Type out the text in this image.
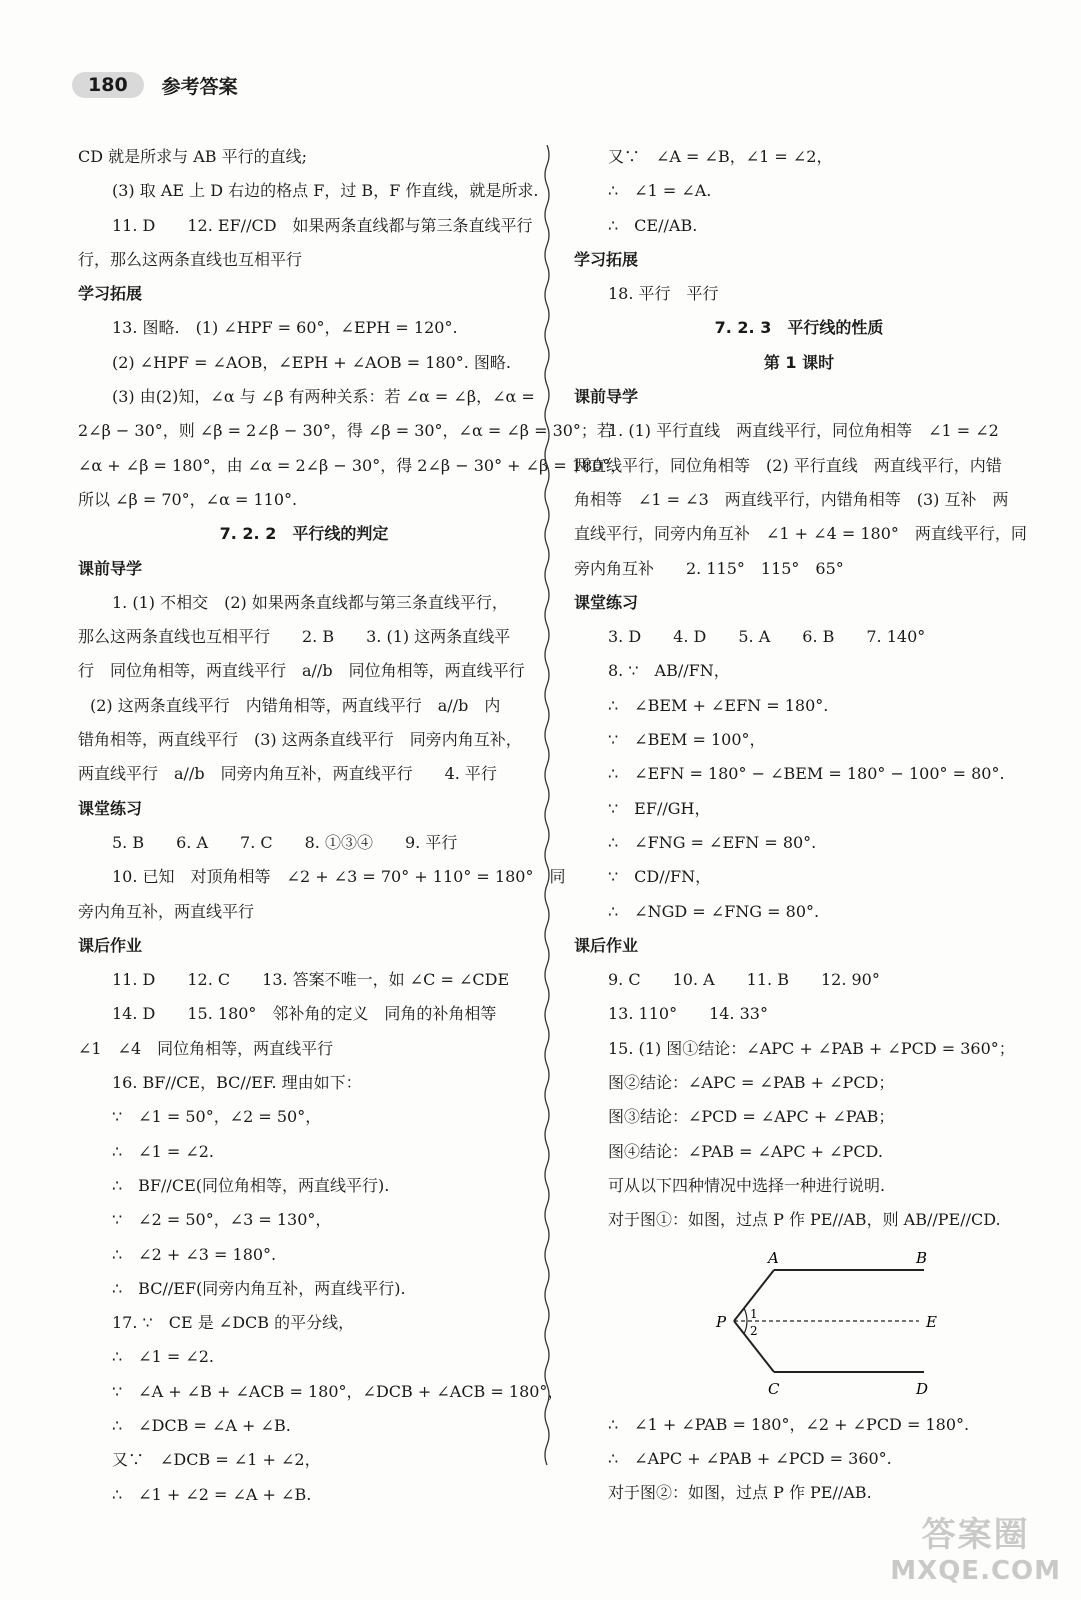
180	参考答案
CD 就是所求与 AB 平行的直线;
(3) 取 AE 上 D 右边的格点 F，过 B，F 作直线，就是所求.
11. D　　12. EF//CD　如果两条直线都与第三条直线平行
行，那么这两条直线也互相平行
学习拓展
13. 图略.　(1) ∠HPF = 60°，∠EPH = 120°.
(2) ∠HPF = ∠AOB，∠EPH + ∠AOB = 180°. 图略.
(3) 由(2)知，∠α 与 ∠β 有两种关系：若 ∠α = ∠β，∠α =
2∠β − 30°，则 ∠β = 2∠β − 30°，得 ∠β = 30°，∠α = ∠β = 30°；若
∠α + ∠β = 180°，由 ∠α = 2∠β − 30°，得 2∠β − 30° + ∠β = 180°，
所以 ∠β = 70°，∠α = 110°.
7. 2. 2　平行线的判定
课前导学
1. (1) 不相交　(2) 如果两条直线都与第三条直线平行，
那么这两条直线也互相平行　　2. B　　3. (1) 这两条直线平
行　同位角相等，两直线平行　a//b　同位角相等，两直线平行
(2) 这两条直线平行　内错角相等，两直线平行　a//b　内
错角相等，两直线平行　(3) 这两条直线平行　同旁内角互补，
两直线平行　a//b　同旁内角互补，两直线平行　　4. 平行
课堂练习
5. B　　6. A　　7. C　　8. ①③④　　9. 平行
10. 已知　对顶角相等　∠2 + ∠3 = 70° + 110° = 180°　同
旁内角互补，两直线平行
课后作业
11. D　　12. C　　13. 答案不唯一，如 ∠C = ∠CDE
14. D　　15. 180°　邻补角的定义　同角的补角相等
∠1　∠4　同位角相等，两直线平行
16. BF//CE，BC//EF. 理由如下：
∵　∠1 = 50°，∠2 = 50°，
∴　∠1 = ∠2.
∴　BF//CE(同位角相等，两直线平行).
∵　∠2 = 50°，∠3 = 130°，
∴　∠2 + ∠3 = 180°.
∴　BC//EF(同旁内角互补，两直线平行).
17. ∵　CE 是 ∠DCB 的平分线，
∴　∠1 = ∠2.
∵　∠A + ∠B + ∠ACB = 180°，∠DCB + ∠ACB = 180°，
∴　∠DCB = ∠A + ∠B.
又∵　∠DCB = ∠1 + ∠2，
∴　∠1 + ∠2 = ∠A + ∠B.
又∵　∠A = ∠B，∠1 = ∠2，
∴　∠1 = ∠A.
∴　CE//AB.
学习拓展
18. 平行　平行
7. 2. 3　平行线的性质
第 1 课时
课前导学
1. (1) 平行直线　两直线平行，同位角相等　∠1 = ∠2
两直线平行，同位角相等　(2) 平行直线　两直线平行，内错
角相等　∠1 = ∠3　两直线平行，内错角相等　(3) 互补　两
直线平行，同旁内角互补　∠1 + ∠4 = 180°　两直线平行，同
旁内角互补　　2. 115°　115°　65°
课堂练习
3. D　　4. D　　5. A　　6. B　　7. 140°
8. ∵　AB//FN，
∴　∠BEM + ∠EFN = 180°.
∵　∠BEM = 100°，
∴　∠EFN = 180° − ∠BEM = 180° − 100° = 80°.
∵　EF//GH，
∴　∠FNG = ∠EFN = 80°.
∵　CD//FN，
∴　∠NGD = ∠FNG = 80°.
课后作业
9. C　　10. A　　11. B　　12. 90°
13. 110°　　14. 33°
15. (1) 图①结论：∠APC + ∠PAB + ∠PCD = 360°；
图②结论：∠APC = ∠PAB + ∠PCD；
图③结论：∠PCD = ∠APC + ∠PAB；
图④结论：∠PAB = ∠APC + ∠PCD.
可从以下四种情况中选择一种进行说明.
对于图①：如图，过点 P 作 PE//AB，则 AB//PE//CD.
A	B
P	E
C	D
1
2
∴　∠1 + ∠PAB = 180°，∠2 + ∠PCD = 180°.
∴　∠APC + ∠PAB + ∠PCD = 360°.
对于图②：如图，过点 P 作 PE//AB.
答案圈
MXQE.COM
